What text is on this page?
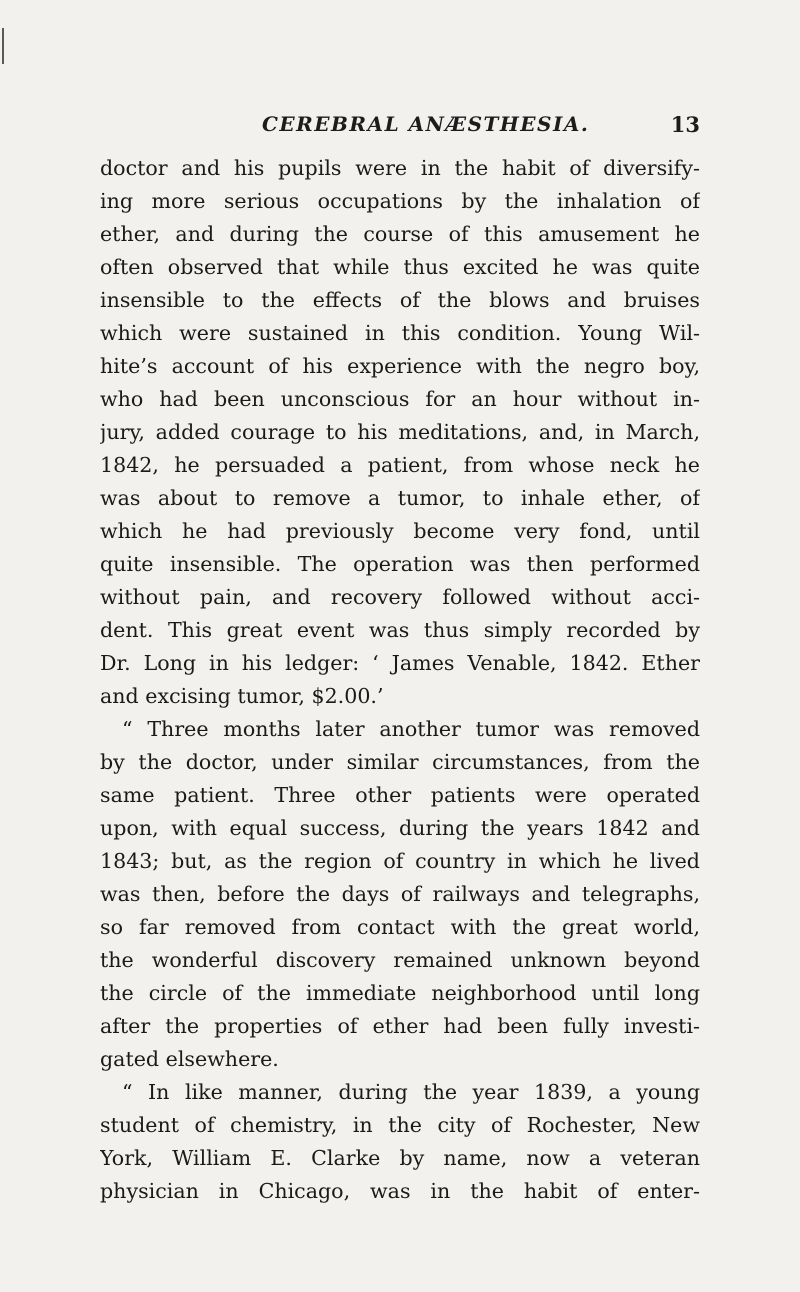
CEREBRAL ANÆSTHESIA.	13
doctor and his pupils were in the habit of diversify-
ing more serious occupations by the inhalation of
ether, and during the course of this amusement he
often observed that while thus excited he was quite
insensible to the effects of the blows and bruises
which were sustained in this condition. Young Wil-
hite’s account of his experience with the negro boy,
who had been unconscious for an hour without in-
jury, added courage to his meditations, and, in March,
1842, he persuaded a patient, from whose neck he
was about to remove a tumor, to inhale ether, of
which he had previously become very fond, until
quite insensible. The operation was then performed
without pain, and recovery followed without acci-
dent. This great event was thus simply recorded by
Dr. Long in his ledger: ‘ James Venable, 1842. Ether
and excising tumor, $2.00.’
“ Three months later another tumor was removed
by the doctor, under similar circumstances, from the
same patient. Three other patients were operated
upon, with equal success, during the years 1842 and
1843; but, as the region of country in which he lived
was then, before the days of railways and telegraphs,
so far removed from contact with the great world,
the wonderful discovery remained unknown beyond
the circle of the immediate neighborhood until long
after the properties of ether had been fully investi-
gated elsewhere.
“ In like manner, during the year 1839, a young
student of chemistry, in the city of Rochester, New
York, William E. Clarke by name, now a veteran
physician in Chicago, was in the habit of enter-
